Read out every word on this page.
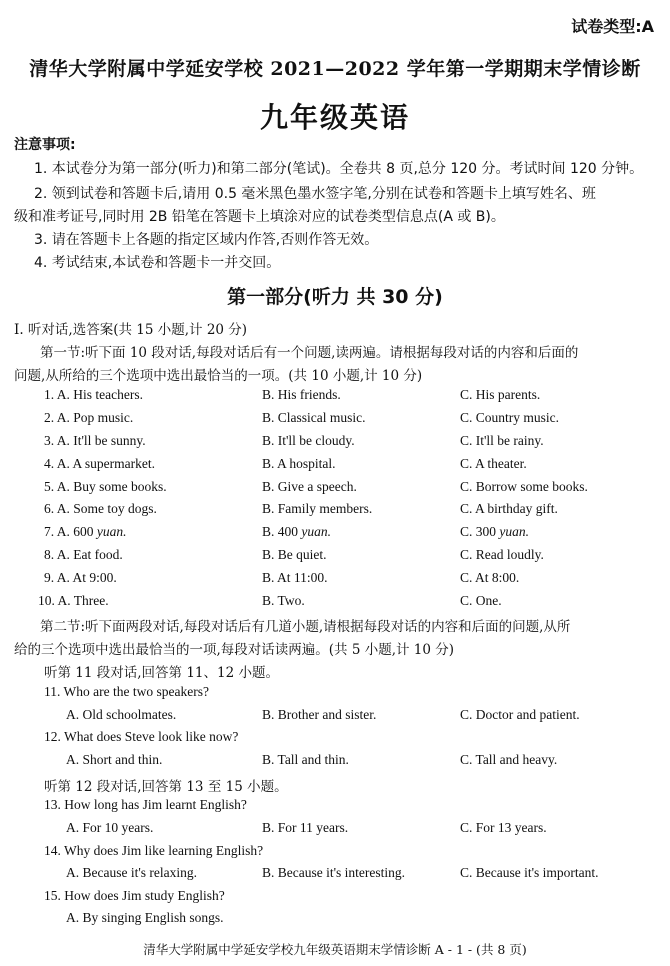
试卷类型:A
清华大学附属中学延安学校 2021—2022 学年第一学期期末学情诊断
九年级英语
注意事项:
1. 本试卷分为第一部分(听力)和第二部分(笔试)。全卷共 8 页,总分 120 分。考试时间 120 分钟。
2. 领到试卷和答题卡后,请用 0.5 毫米黑色墨水签字笔,分别在试卷和答题卡上填写姓名、班
级和准考证号,同时用 2B 铅笔在答题卡上填涂对应的试卷类型信息点(A 或 B)。
3. 请在答题卡上各题的指定区域内作答,否则作答无效。
4. 考试结束,本试卷和答题卡一并交回。
第一部分(听力 共 30 分)
Ⅰ. 听对话,选答案(共 15 小题,计 20 分)
第一节:听下面 10 段对话,每段对话后有一个问题,读两遍。请根据每段对话的内容和后面的
问题,从所给的三个选项中选出最恰当的一项。(共 10 小题,计 10 分)
1. A. His teachers.	B. His friends.	C. His parents.
2. A. Pop music.	B. Classical music.	C. Country music.
3. A. It'll be sunny.	B. It'll be cloudy.	C. It'll be rainy.
4. A. A supermarket.	B. A hospital.	C. A theater.
5. A. Buy some books.	B. Give a speech.	C. Borrow some books.
6. A. Some toy dogs.	B. Family members.	C. A birthday gift.
7. A. 600 yuan.	B. 400 yuan.	C. 300 yuan.
8. A. Eat food.	B. Be quiet.	C. Read loudly.
9. A. At 9:00.	B. At 11:00.	C. At 8:00.
10. A. Three.	B. Two.	C. One.
第二节:听下面两段对话,每段对话后有几道小题,请根据每段对话的内容和后面的问题,从所
给的三个选项中选出最恰当的一项,每段对话读两遍。(共 5 小题,计 10 分)
听第 11 段对话,回答第 11、12 小题。
11. Who are the two speakers?
A. Old schoolmates.	B. Brother and sister.	C. Doctor and patient.
12. What does Steve look like now?
A. Short and thin.	B. Tall and thin.	C. Tall and heavy.
听第 12 段对话,回答第 13 至 15 小题。
13. How long has Jim learnt English?
A. For 10 years.	B. For 11 years.	C. For 13 years.
14. Why does Jim like learning English?
A. Because it's relaxing.	B. Because it's interesting.	C. Because it's important.
15. How does Jim study English?
A. By singing English songs.
清华大学附属中学延安学校九年级英语期末学情诊断 A - 1 - (共 8 页)
